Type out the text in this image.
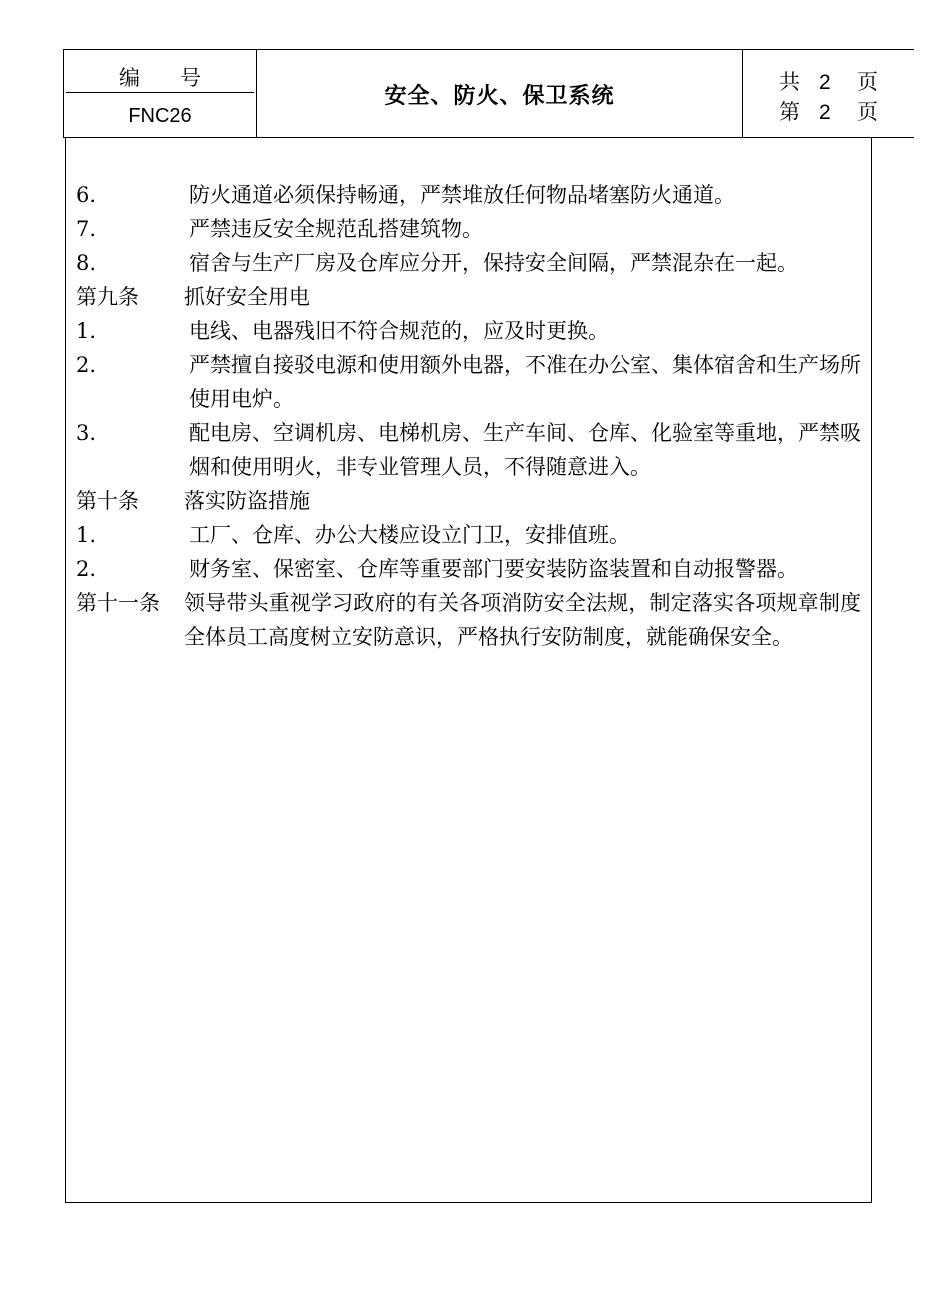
编号
FNC26
安全、防火、保卫系统
共 2 页
第 2 页
6.	防火通道必须保持畅通，严禁堆放任何物品堵塞防火通道。
7.	严禁违反安全规范乱搭建筑物。
8.	宿舍与生产厂房及仓库应分开，保持安全间隔，严禁混杂在一起。
第九条	抓好安全用电
1.	电线、电器残旧不符合规范的，应及时更换。
2.	严禁擅自接驳电源和使用额外电器，不准在办公室、集体宿舍和生产场所使用电炉。
3.	配电房、空调机房、电梯机房、生产车间、仓库、化验室等重地，严禁吸烟和使用明火，非专业管理人员，不得随意进入。
第十条	落实防盗措施
1.	工厂、仓库、办公大楼应设立门卫，安排值班。
2.	财务室、保密室、仓库等重要部门要安装防盗装置和自动报警器。
第十一条	领导带头重视学习政府的有关各项消防安全法规，制定落实各项规章制度全体员工高度树立安防意识，严格执行安防制度，就能确保安全。
